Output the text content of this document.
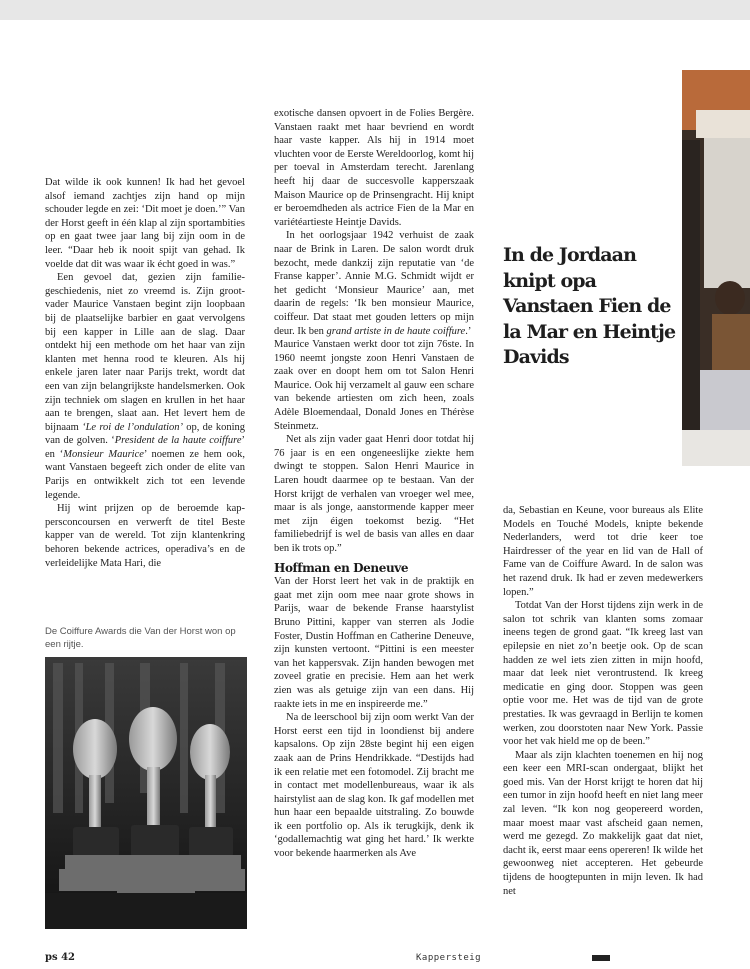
Dat wilde ik ook kunnen! Ik had het gevoel alsof iemand zachtjes zijn hand op mijn schouder legde en zei: ‘Dit moet je doen.’” Van der Horst geeft in één klap al zijn sportambities op en gaat twee jaar lang bij zijn oom in de leer. “Daar heb ik nooit spijt van gehad. Ik voelde dat dit was waar ik écht goed in was.”

Een gevoel dat, gezien zijn familiegeschiedenis, niet zo vreemd is. Zijn grootvader Maurice Vanstaen begint zijn loopbaan bij de plaatselijke barbier en gaat vervolgens bij een kapper in Lille aan de slag. Daar ontdekt hij een methode om het haar van zijn klanten met henna rood te kleuren. Als hij enkele jaren later naar Parijs trekt, wordt dat een van zijn belangrijkste handelsmerken. Ook zijn techniek om slagen en krullen in het haar aan te brengen, slaat aan. Het levert hem de bijnaam ‘Le roi de l’ondulation’ op, de koning van de golven. ‘President de la haute coiffure’ en ‘Monsieur Maurice’ noemen ze hem ook, want Vanstaen begeeft zich onder de elite van Parijs en ontwikkelt zich tot een levende legende.

Hij wint prijzen op de beroemde kappersconcoursen en verwerft de titel Beste kapper van de wereld. Tot zijn klantenkring behoren bekende actrices, operadiva’s en de verleidelijke Mata Hari, die

exotische dansen opvoert in de Folies Bergère. Vanstaen raakt met haar bevriend en wordt haar vaste kapper. Als hij in 1914 moet vluchten voor de Eerste Wereldoorlog, komt hij per toeval in Amsterdam terecht. Jarenlang heeft hij daar de succesvolle kapperszaak Maison Maurice op de Prinsengracht. Hij knipt er beroemdheden als actrice Fien de la Mar en variétéartieste Heintje Davids.

In het oorlogsjaar 1942 verhuist de zaak naar de Brink in Laren. De salon wordt druk bezocht, mede dankzij zijn reputatie van ‘de Franse kapper’. Annie M.G. Schmidt wijdt er het gedicht ‘Monsieur Maurice’ aan, met daarin de regels: ‘Ik ben monsieur Maurice, coiffeur. Dat staat met gouden letters op mijn deur. Ik ben grand artiste in de haute coiffure.’

Maurice Vanstaen werkt door tot zijn 76ste. In 1960 neemt jongste zoon Henri Vanstaen de zaak over en doopt hem om tot Salon Henri Maurice. Ook hij verzamelt al gauw een schare van bekende artiesten om zich heen, zoals Adèle Bloemendaal, Donald Jones en Thérèse Steinmetz.

Net als zijn vader gaat Henri door totdat hij 76 jaar is en een ongeneeslijke ziekte hem dwingt te stoppen. Salon Henri Maurice in Laren houdt daarmee op te bestaan. Van der Horst krijgt de verhalen van vroeger wel mee, maar is als jonge, aanstormende kapper meer met zijn éigen toekomst bezig. “Het familiebedrijf is wel de basis van alles en daar ben ik trots op.”

Hoffman en Deneuve

Van der Horst leert het vak in de praktijk en gaat met zijn oom mee naar grote shows in Parijs, waar de bekende Franse haarstylist Bruno Pittini, kapper van sterren als Jodie Foster, Dustin Hoffman en Catherine Deneuve, zijn kunsten vertoont. “Pittini is een meester van het kappersvak. Zijn handen bewogen met zoveel gratie en precisie. Hem aan het werk zien was als getuige zijn van een dans. Hij raakte iets in me en inspireerde me.”

Na de leerschool bij zijn oom werkt Van der Horst eerst een tijd in loondienst bij andere kapsalons. Op zijn 28ste begint hij een eigen zaak aan de Prins Hendrikkade. “Destijds had ik een relatie met een fotomodel. Zij bracht me in contact met modellenbureaus, waar ik als hairstylist aan de slag kon. Ik gaf modellen met hun haar een bepaalde uitstraling. Zo bouwde ik een portfolio op. Als ik terugkijk, denk ik ‘godallemachtig wat ging het hard.’ Ik werkte voor bekende haarmerken als Ave

da, Sebastian en Keune, voor bureaus als Elite Models en Touché Models, knipte bekende Nederlanders, werd tot drie keer toe Hairdresser of the year en lid van de Hall of Fame van de Coiffure Award. In de salon was het razend druk. Ik had er zeven medewerkers lopen.”

Totdat Van der Horst tijdens zijn werk in de salon tot schrik van klanten soms zomaar ineens tegen de grond gaat. “Ik kreeg last van epilepsie en niet zo’n beetje ook. Op de scan hadden ze wel iets zien zitten in mijn hoofd, maar dat leek niet verontrustend. Ik kreeg medicatie en ging door. Stoppen was geen optie voor me. Het was de tijd van de grote prestaties. Ik was gevraagd in Berlijn te komen werken, zou doorstoten naar New York. Passie voor het vak hield me op de been.”

Maar als zijn klachten toenemen en hij nog een keer een MRI-scan ondergaat, blijkt het goed mis. Van der Horst krijgt te horen dat hij een tumor in zijn hoofd heeft en niet lang meer zal leven. “Ik kon nog geopereerd worden, maar moest maar vast afscheid gaan nemen, werd me gezegd. Zo makkelijk gaat dat niet, dacht ik, eerst maar eens opereren! Ik wilde het gewoonweg niet accepteren. Het gebeurde tijdens de hoogtepunten in mijn leven. Ik had net

In de Jordaan knipt opa Vanstaen Fien de la Mar en Heintje Davids
De Coiffure Awards die Van der Horst won op een rijtje.
ps 42	Kappersteig
